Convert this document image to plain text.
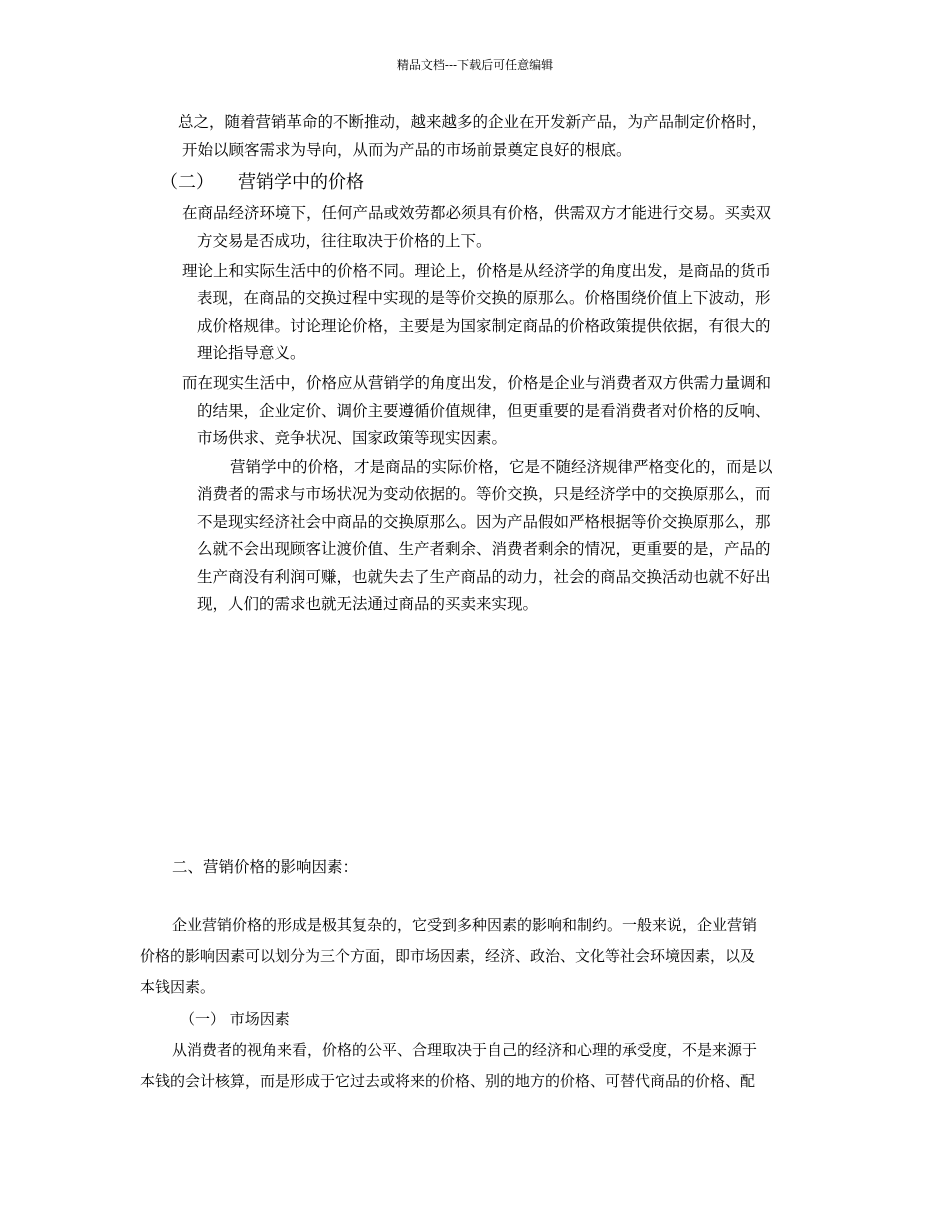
精品文档---下载后可任意编辑
总之，随着营销革命的不断推动，越来越多的企业在开发新产品，为产品制定价格时，
开始以顾客需求为导向，从而为产品的市场前景奠定良好的根底。
（二） 营销学中的价格
在商品经济环境下，任何产品或效劳都必须具有价格，供需双方才能进行交易。买卖双
方交易是否成功，往往取决于价格的上下。
理论上和实际生活中的价格不同。理论上，价格是从经济学的角度出发，是商品的货币
表现，在商品的交换过程中实现的是等价交换的原那么。价格围绕价值上下波动，形
成价格规律。讨论理论价格，主要是为国家制定商品的价格政策提供依据，有很大的
理论指导意义。
而在现实生活中，价格应从营销学的角度出发，价格是企业与消费者双方供需力量调和
的结果，企业定价、调价主要遵循价值规律，但更重要的是看消费者对价格的反响、
市场供求、竞争状况、国家政策等现实因素。
营销学中的价格，才是商品的实际价格，它是不随经济规律严格变化的，而是以
消费者的需求与市场状况为变动依据的。等价交换，只是经济学中的交换原那么，而
不是现实经济社会中商品的交换原那么。因为产品假如严格根据等价交换原那么，那
么就不会出现顾客让渡价值、生产者剩余、消费者剩余的情况，更重要的是，产品的
生产商没有利润可赚，也就失去了生产商品的动力，社会的商品交换活动也就不好出
现，人们的需求也就无法通过商品的买卖来实现。
二、营销价格的影响因素：
企业营销价格的形成是极其复杂的，它受到多种因素的影响和制约。一般来说，企业营销
价格的影响因素可以划分为三个方面，即市场因素，经济、政治、文化等社会环境因素，以及
本钱因素。
（一） 市场因素
从消费者的视角来看，价格的公平、合理取决于自己的经济和心理的承受度，不是来源于
本钱的会计核算，而是形成于它过去或将来的价格、别的地方的价格、可替代商品的价格、配
